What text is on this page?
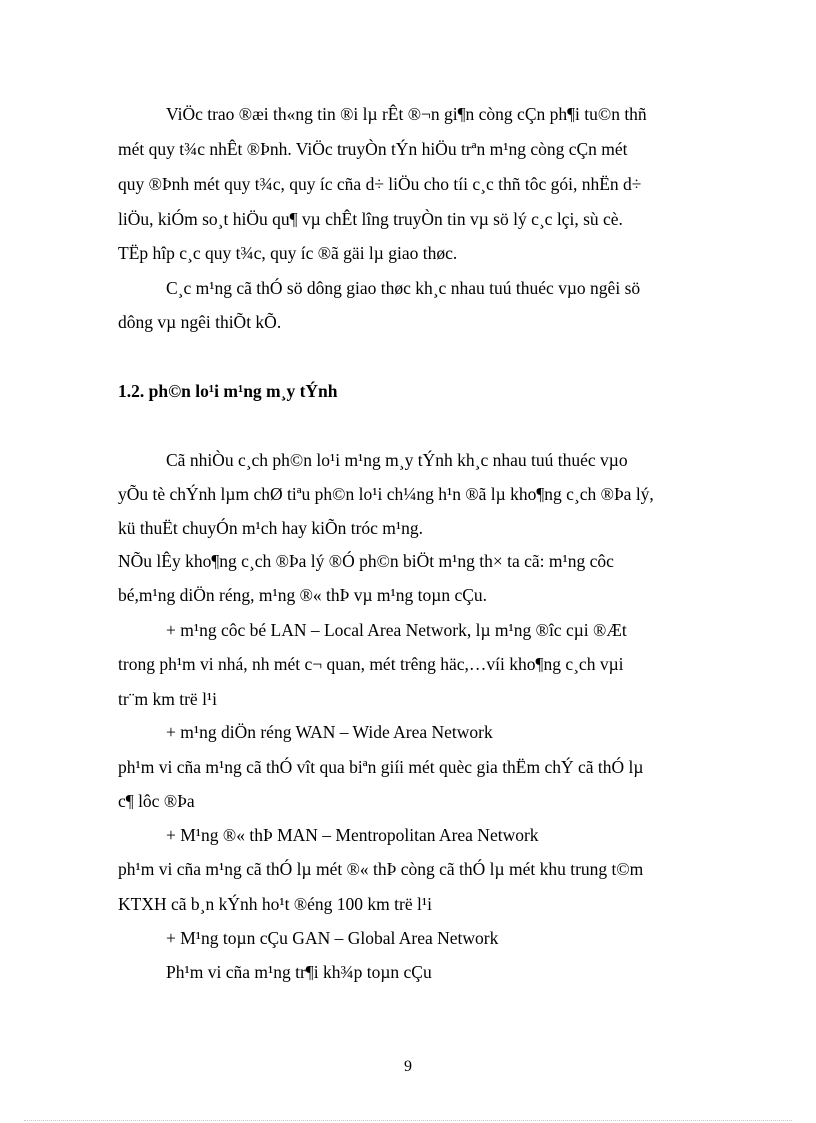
ViÖc trao ®æi th«ng tin ®i lµ rÊt ®¬n gi¶n còng cÇn ph¶i tu©n thñ
mét quy t¾c nhÊt ®Þnh. ViÖc truyÒn tÝn hiÖu trªn m¹ng còng cÇn mét
quy ®Þnh mét quy t¾c, quy íc cña d÷ liÖu cho tíi c¸c thñ tôc gói, nhËn d÷
liÖu, kiÓm so¸t hiÖu qu¶ vµ chÊt lîng truyÒn tin vµ sö lý c¸c lçi, sù cè.
TËp hîp c¸c quy t¾c, quy íc ®ã gäi lµ giao thøc.
C¸c m¹ng cã thÓ sö dông giao thøc kh¸c nhau tuú thuéc vµo ngêi sö
dông vµ ngêi thiÕt kÕ.
1.2. ph©n lo¹i m¹ng m¸y tÝnh
Cã nhiÒu c¸ch ph©n lo¹i m¹ng m¸y tÝnh kh¸c nhau tuú thuéc vµo
yÕu tè chÝnh lµm chØ tiªu ph©n lo¹i ch¼ng h¹n ®ã lµ kho¶ng c¸ch ®Þa lý,
kü thuËt chuyÓn m¹ch hay kiÕn tróc m¹ng.
NÕu lÊy kho¶ng c¸ch ®Þa lý ®Ó ph©n biÖt m¹ng th× ta cã: m¹ng côc
bé,m¹ng diÖn réng, m¹ng ®« thÞ vµ m¹ng toµn cÇu.
+ m¹ng côc bé LAN – Local Area Network, lµ m¹ng ®îc cµi ®Æt
trong ph¹m vi nhá, nh mét c¬ quan, mét trêng häc,…víi kho¶ng c¸ch vµi
tr¨m km trë l¹i
+ m¹ng diÖn réng WAN – Wide Area Network
ph¹m vi cña m¹ng cã thÓ vît qua biªn giíi mét quèc gia thËm chÝ cã thÓ lµ
c¶ lôc ®Þa
+ M¹ng ®« thÞ MAN – Mentropolitan Area Network
ph¹m vi cña m¹ng cã thÓ lµ mét ®« thÞ còng cã thÓ lµ mét khu trung t©m
KTXH cã b¸n kÝnh ho¹t ®éng 100 km trë l¹i
+ M¹ng toµn cÇu GAN – Global Area Network
Ph¹m vi cña m¹ng tr¶i kh¾p toµn cÇu
9
